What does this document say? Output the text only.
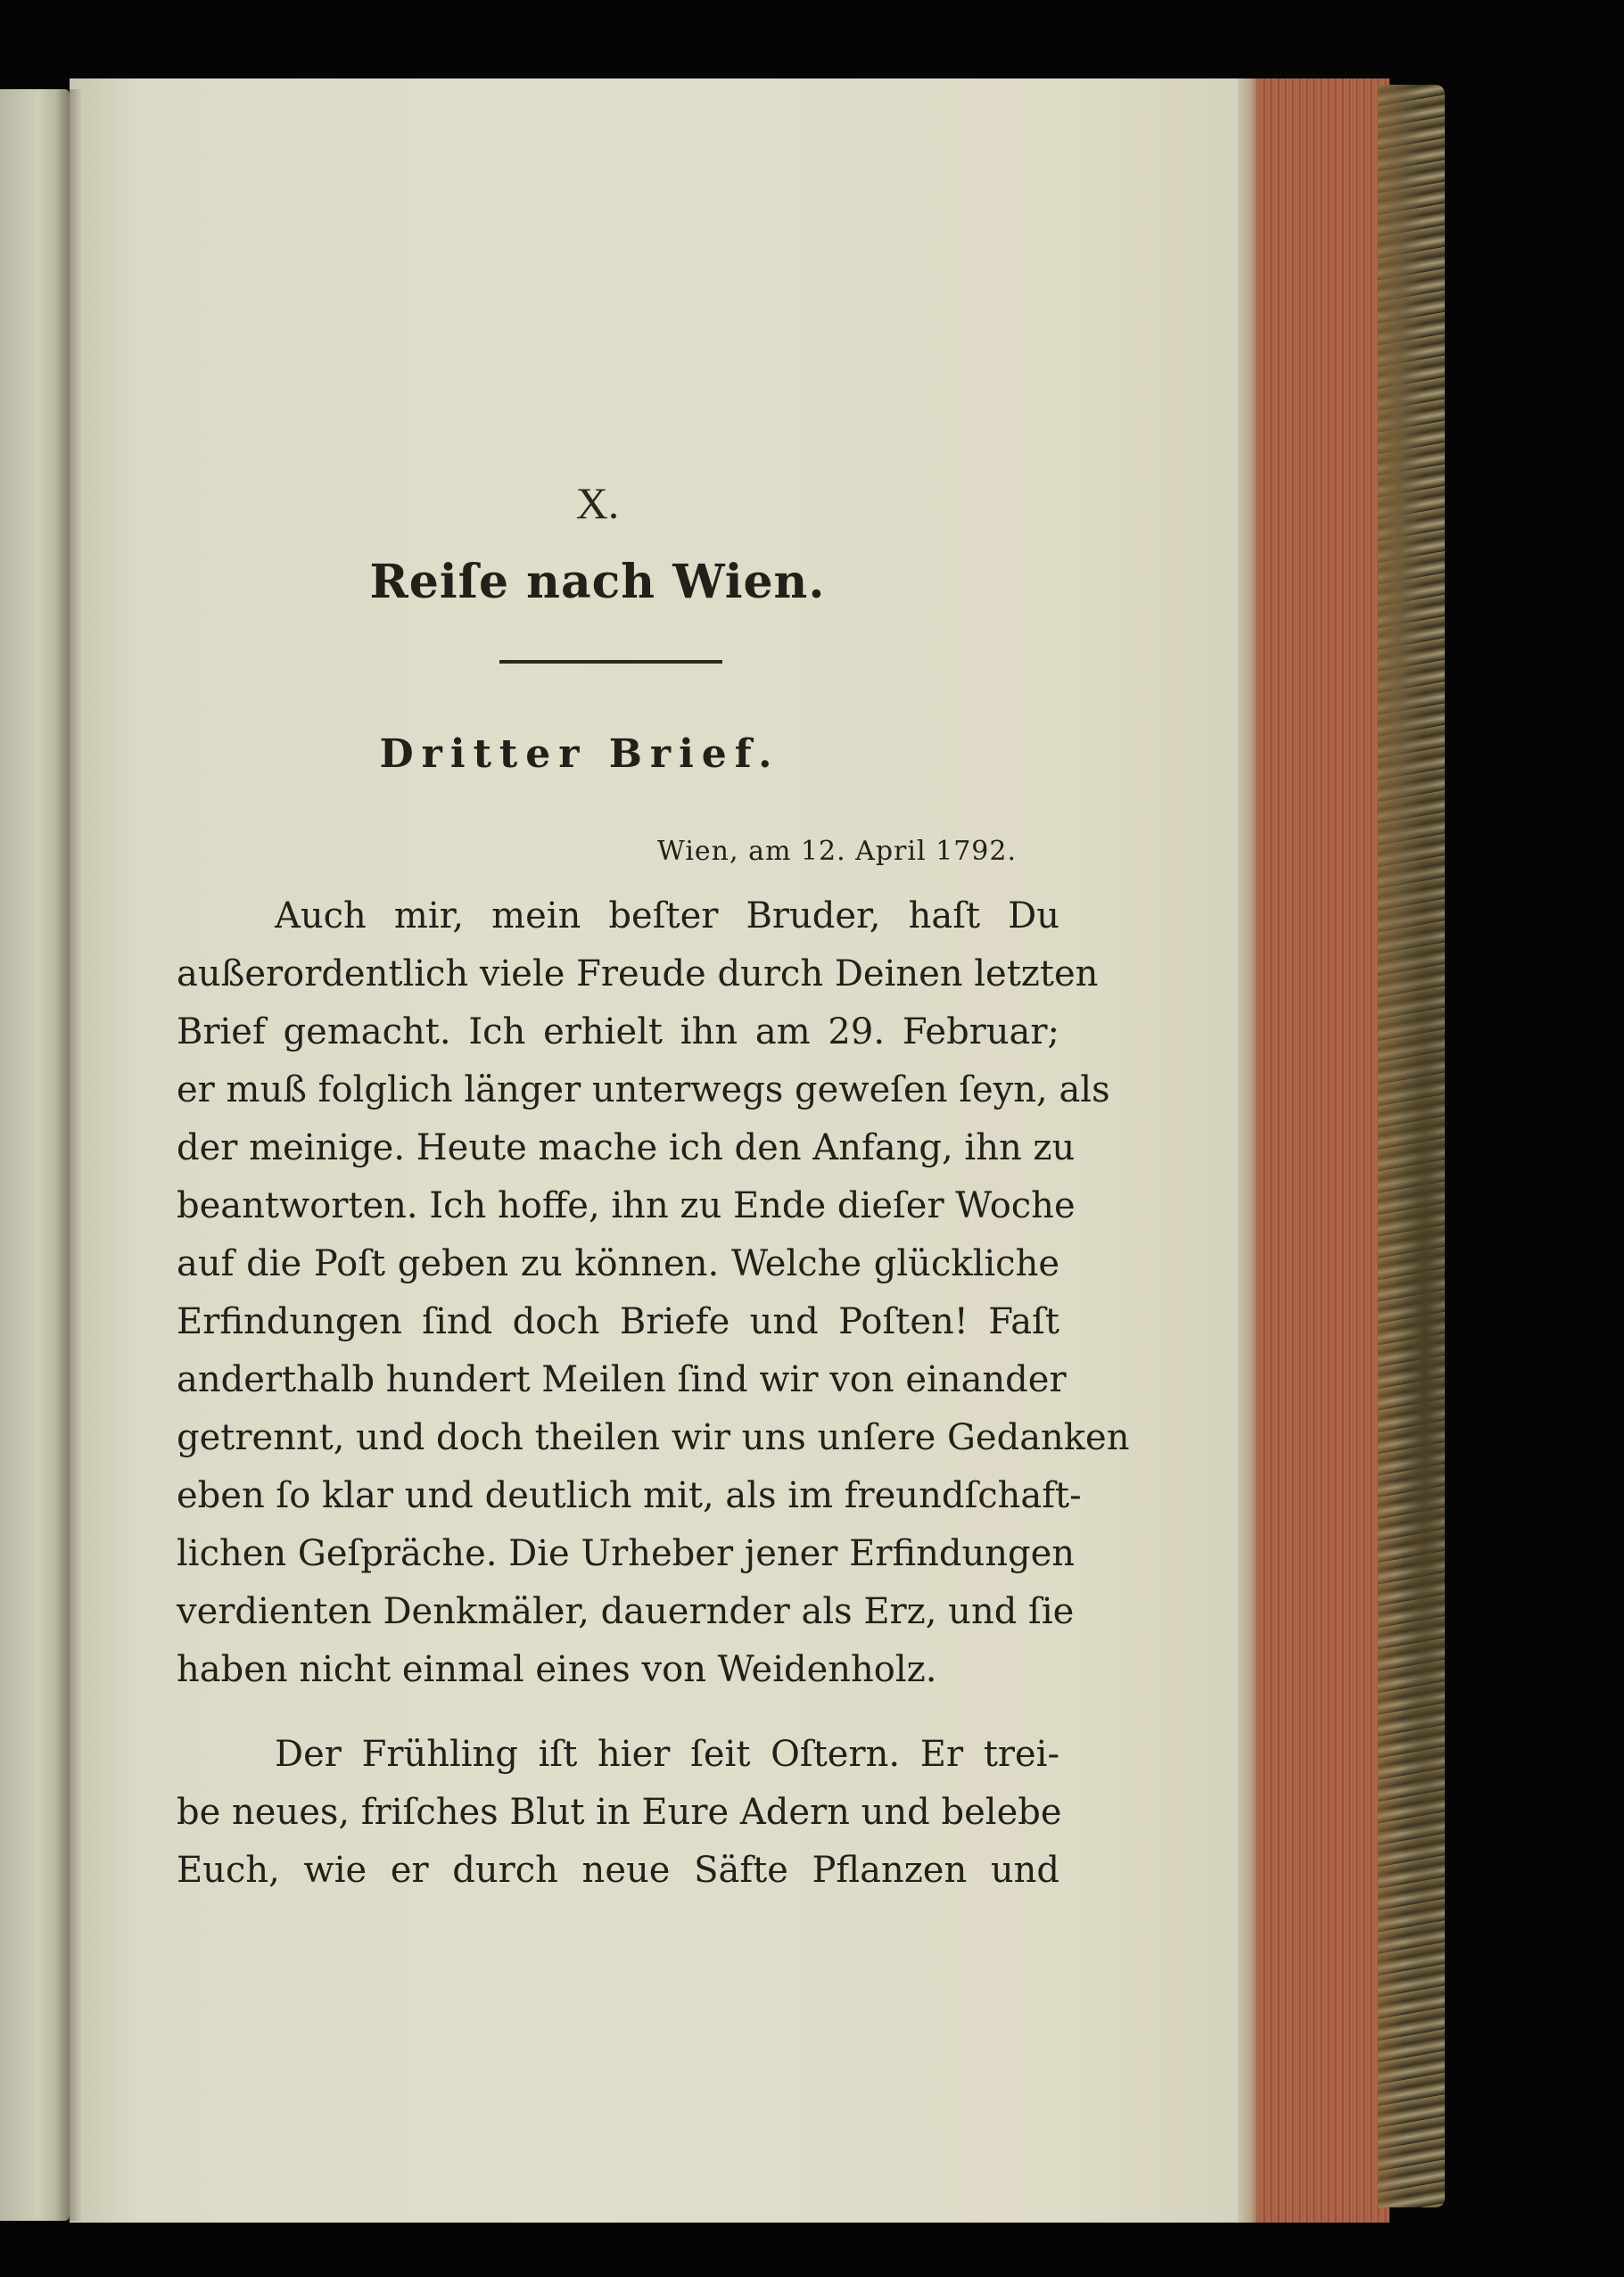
X.
Reiſe nach Wien.
Dritter Brief.
Wien, am 12. April 1792.
Auch mir, mein beſter Bruder, haſt Du
außerordentlich viele Freude durch Deinen letzten
Brief gemacht. Ich erhielt ihn am 29. Februar;
er muß folglich länger unterwegs geweſen ſeyn, als
der meinige. Heute mache ich den Anfang, ihn zu
beantworten. Ich hoffe, ihn zu Ende dieſer Woche
auf die Poſt geben zu können. Welche glückliche
Erfindungen ſind doch Briefe und Poſten! Faſt
anderthalb hundert Meilen ſind wir von einander
getrennt, und doch theilen wir uns unſere Gedanken
eben ſo klar und deutlich mit, als im freundſchaft-
lichen Geſpräche. Die Urheber jener Erfindungen
verdienten Denkmäler, dauernder als Erz, und ſie
haben nicht einmal eines von Weidenholz.
Der Frühling iſt hier ſeit Oſtern. Er trei-
be neues, friſches Blut in Eure Adern und belebe
Euch, wie er durch neue Säfte Pflanzen und
